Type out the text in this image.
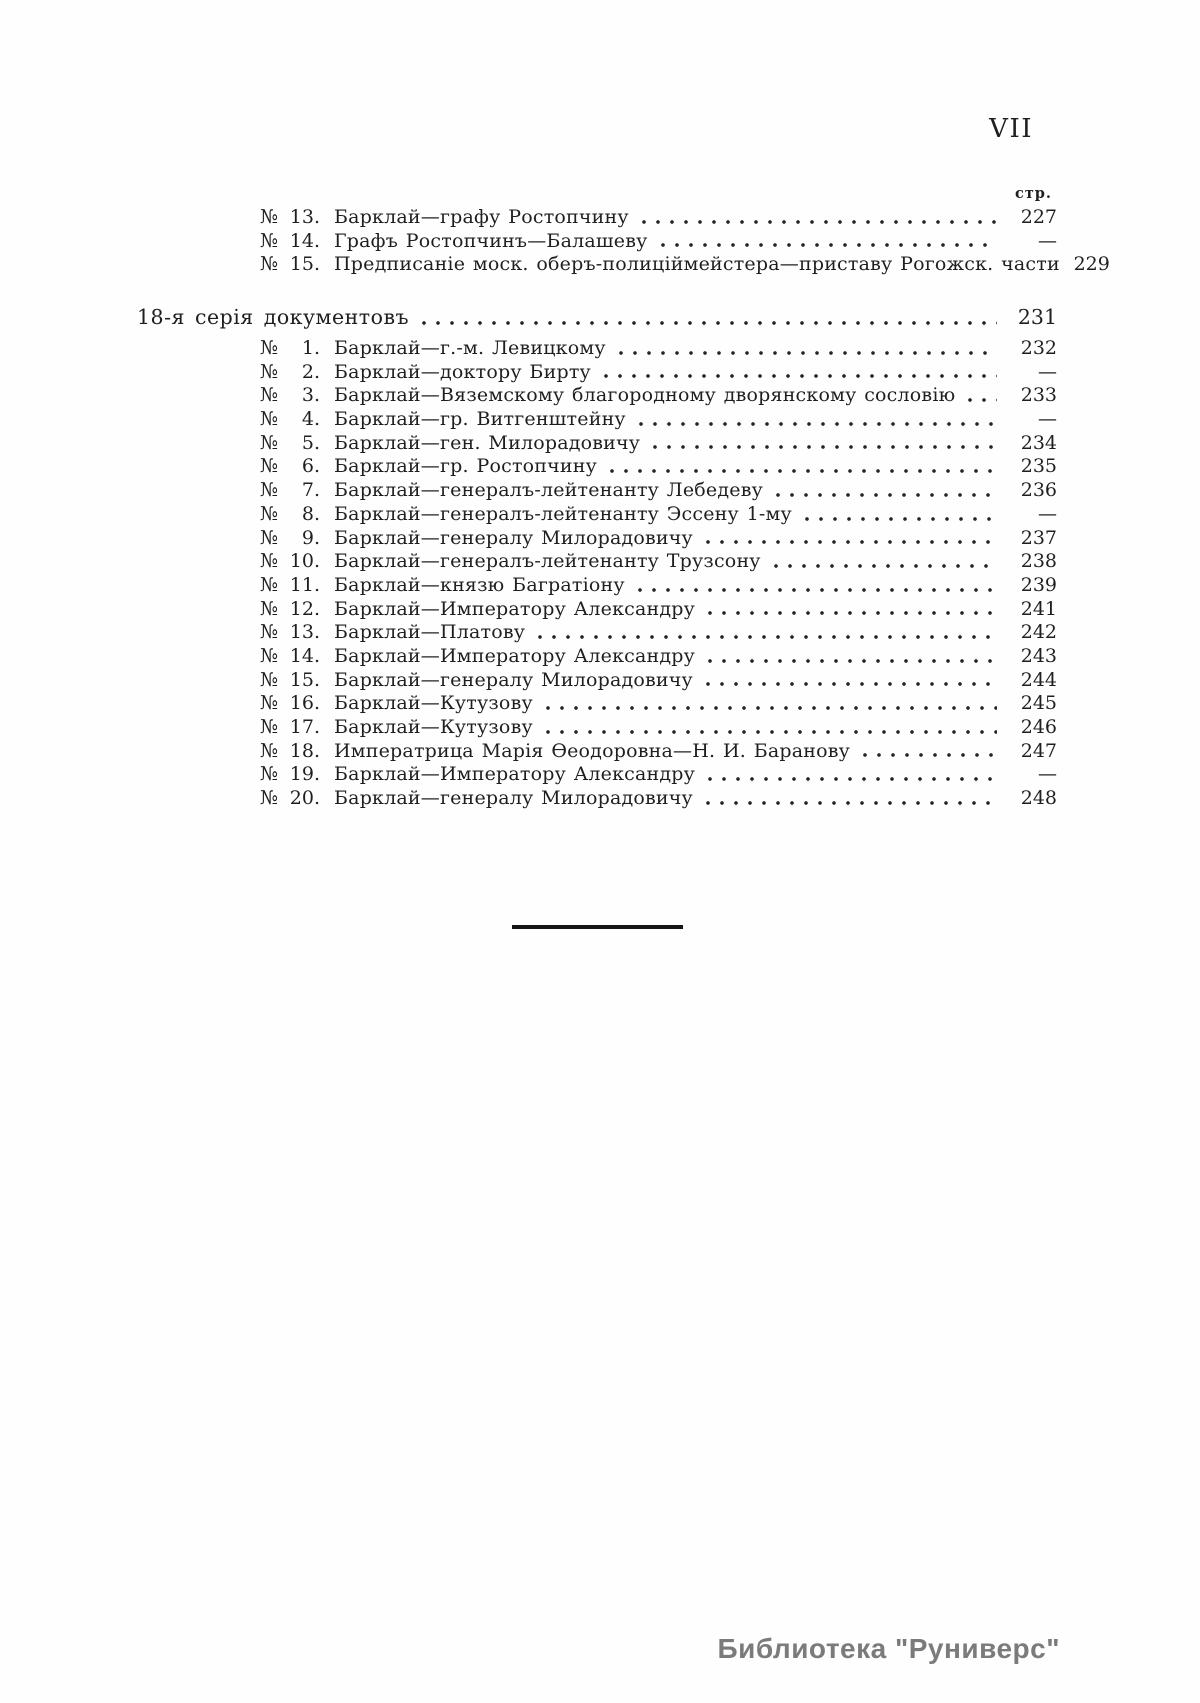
VII
стр.
№ 13. Барклай—графу Ростопчину	227
№ 14. Графъ Ростопчинъ—Балашеву	—
№ 15. Предписаніе моск. оберъ-полиціймейстера—приставу Рогожск. части 229
18-я серія документовъ	231
№	1. Барклай—г.-м. Левицкому	232
№	2. Барклай—доктору Бирту	—
№	3. Барклай—Вяземскому благородному дворянскому сословію	233
№	4. Барклай—гр. Витгенштейну	—
№	5. Барклай—ген. Милорадовичу	234
№	6. Барклай—гр. Ростопчину	235
№	7. Барклай—генералъ-лейтенанту Лебедеву	236
№	8. Барклай—генералъ-лейтенанту Эссену 1-му	—
№	9. Барклай—генералу Милорадовичу	237
№ 10. Барклай—генералъ-лейтенанту Трузсону	238
№ 11. Барклай—князю Багратіону	239
№ 12. Барклай—Императору Александру	241
№ 13. Барклай—Платову	242
№ 14. Барклай—Императору Александру	243
№ 15. Барклай—генералу Милорадовичу	244
№ 16. Барклай—Кутузову	245
№ 17. Барклай—Кутузову	246
№ 18. Императрица Марія Ѳеодоровна—Н. И. Баранову	247
№ 19. Барклай—Императору Александру	—
№ 20. Барклай—генералу Милорадовичу	248
Библиотека "Руниверс"
